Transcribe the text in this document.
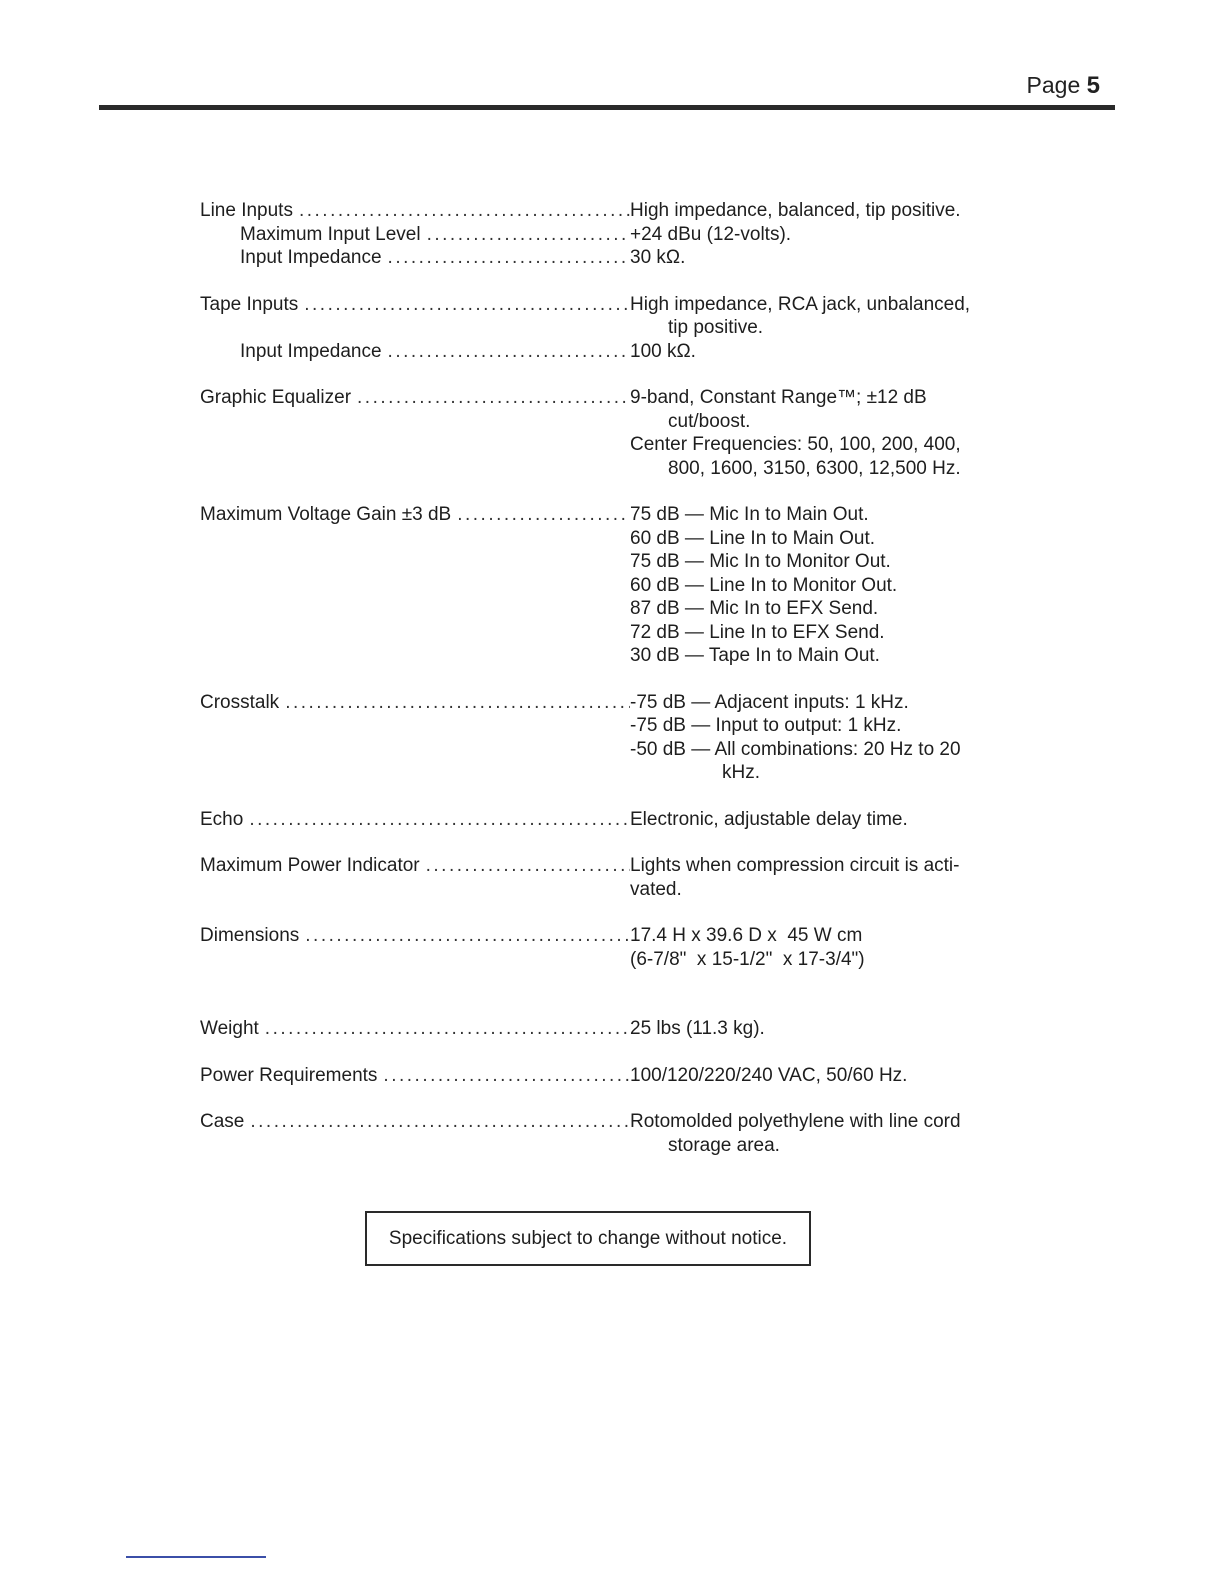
Page 5
Line Inputs .....	High impedance, balanced, tip positive.
Maximum Input Level .....	+24 dBu (12-volts).
Input Impedance .....	30 kΩ.
Tape Inputs .....	High impedance, RCA jack, unbalanced,
tip positive.
Input Impedance .....	100 kΩ.
Graphic Equalizer .....	9-band, Constant Range™; ±12 dB
cut/boost.
Center Frequencies: 50, 100, 200, 400,
800, 1600, 3150, 6300, 12,500 Hz.
Maximum Voltage Gain ±3 dB .....	75 dB — Mic In to Main Out.
60 dB — Line In to Main Out.
75 dB — Mic In to Monitor Out.
60 dB — Line In to Monitor Out.
87 dB — Mic In to EFX Send.
72 dB — Line In to EFX Send.
30 dB — Tape In to Main Out.
Crosstalk .....	-75 dB — Adjacent inputs: 1 kHz.
-75 dB — Input to output: 1 kHz.
-50 dB — All combinations: 20 Hz to 20
kHz.
Echo .....	Electronic, adjustable delay time.
Maximum Power Indicator .....	Lights when compression circuit is acti-
vated.
Dimensions .....	17.4 H x 39.6 D x  45 W cm
(6-7/8"  x 15-1/2"  x 17-3/4")
Weight .....	25 lbs (11.3 kg).
Power Requirements .....	100/120/220/240 VAC, 50/60 Hz.
Case .....	Rotomolded polyethylene with line cord
storage area.
Specifications subject to change without notice.
